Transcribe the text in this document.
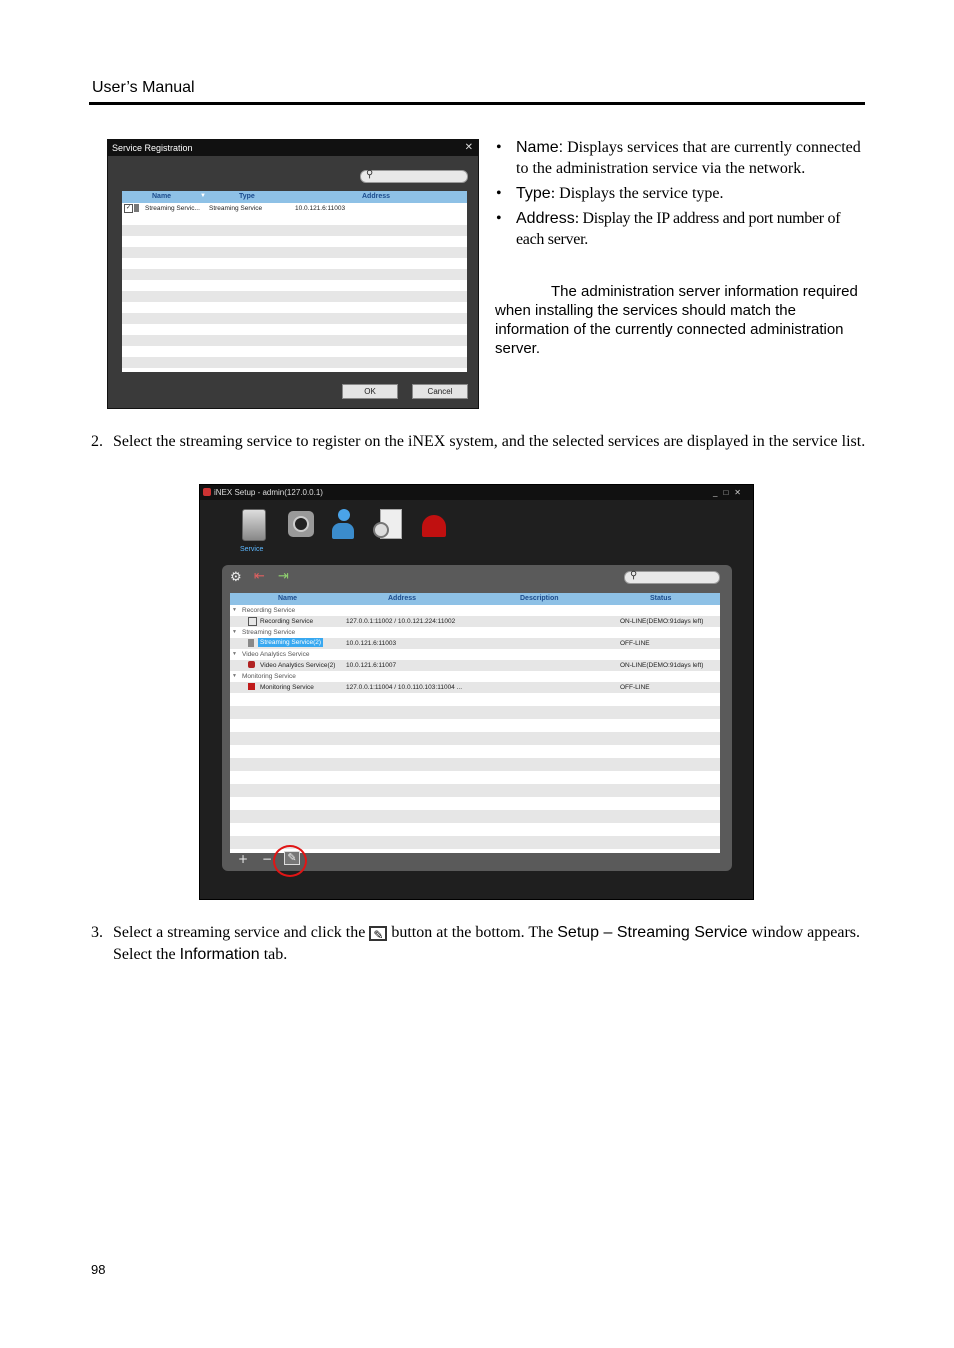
User’s Manual
Service Registration	✕
⚲
Name	▼	Type	Address
✓	Streaming Servic... Streaming Service	10.0.121.6:11003
OK	Cancel
• Name: Displays services that are currently connected to the administration service via the network.
• Type: Displays the service type.
• Address: Display the IP address and port number of each server.
The administration server information required when installing the services should match the information of the currently connected administration server.
2. Select the streaming service to register on the iNEX system, and the selected services are displayed in the service list.
iNEX Setup - admin(127.0.0.1)	_□✕
Service
⚙ ⇤ ⇥	⚲
Name	Address	Description	Status
▼ Recording Service
Recording Service	127.0.0.1:11002 / 10.0.121.224:11002	ON-LINE(DEMO:91days left)
▼ Streaming Service
Streaming Service(2)	10.0.121.6:11003	OFF-LINE
▼ Video Analytics Service
Video Analytics Service(2) 10.0.121.6:11007	ON-LINE(DEMO:91days left)
▼ Monitoring Service
Monitoring Service	127.0.0.1:11004 / 10.0.110.103:11004 ...	OFF-LINE
+ −	✎
3. Select a streaming service and click the ✎ button at the bottom. The Setup – Streaming Service window appears. Select the Information tab.
98
